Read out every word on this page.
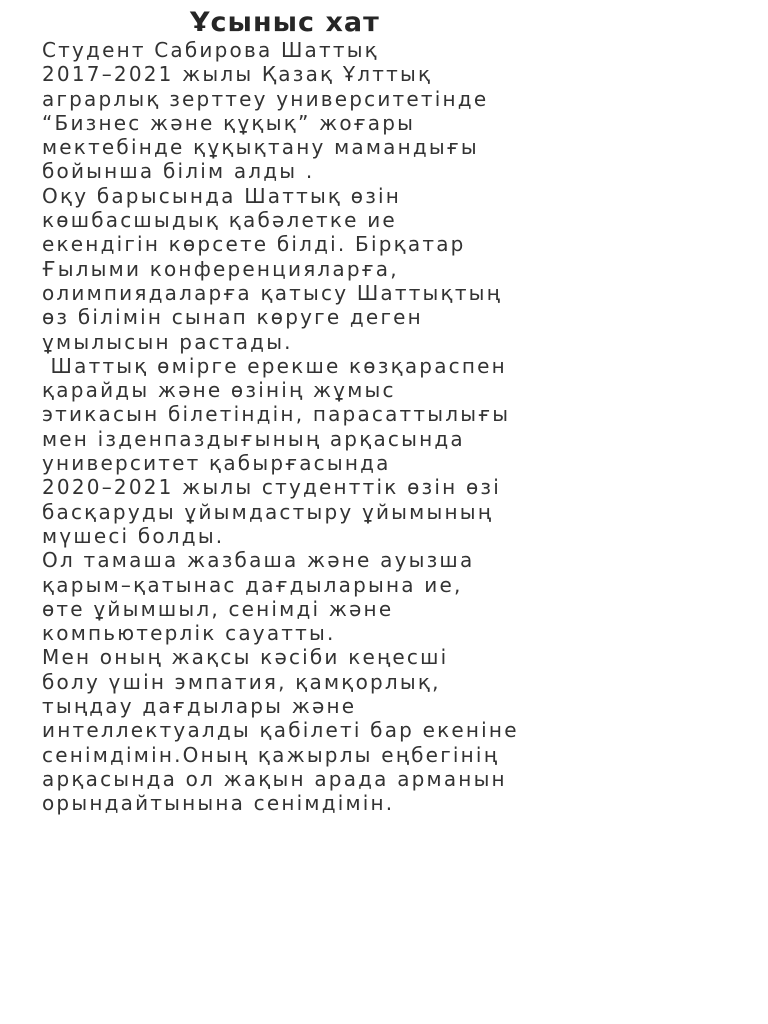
Ұсыныс хат
Студент Сабирова Шаттық
2017–2021 жылы Қазақ Ұлттық
аграрлық зерттеу университетінде
“Бизнес және құқық” жоғары
мектебінде құқықтану мамандығы
бойынша білім алды .
Оқу барысында Шаттық өзін
көшбасшыдық қабәлетке ие
екендігін көрсете білді. Бірқатар
Ғылыми конференцияларға,
олимпиядаларға қатысу Шаттықтың
өз білімін сынап көруге деген
ұмылысын растады.
Шаттық өмірге ерекше көзқараспен
қарайды және өзінің жұмыс
этикасын білетіндін, парасаттылығы
мен ізденпаздығының арқасында
университет қабырғасында
2020–2021 жылы студенттік өзін өзі
басқаруды ұйымдастыру ұйымының
мүшесі болды.
Ол тамаша жазбаша және ауызша
қарым–қатынас дағдыларына ие,
өте ұйымшыл, сенімді және
компьютерлік сауатты.
Мен оның жақсы кәсіби кеңесші
болу үшін эмпатия, қамқорлық,
тыңдау дағдылары және
интеллектуалды қабілеті бар екеніне
сенімдімін.Оның қажырлы еңбегінің
арқасында ол жақын арада арманын
орындайтынына сенімдімін.
